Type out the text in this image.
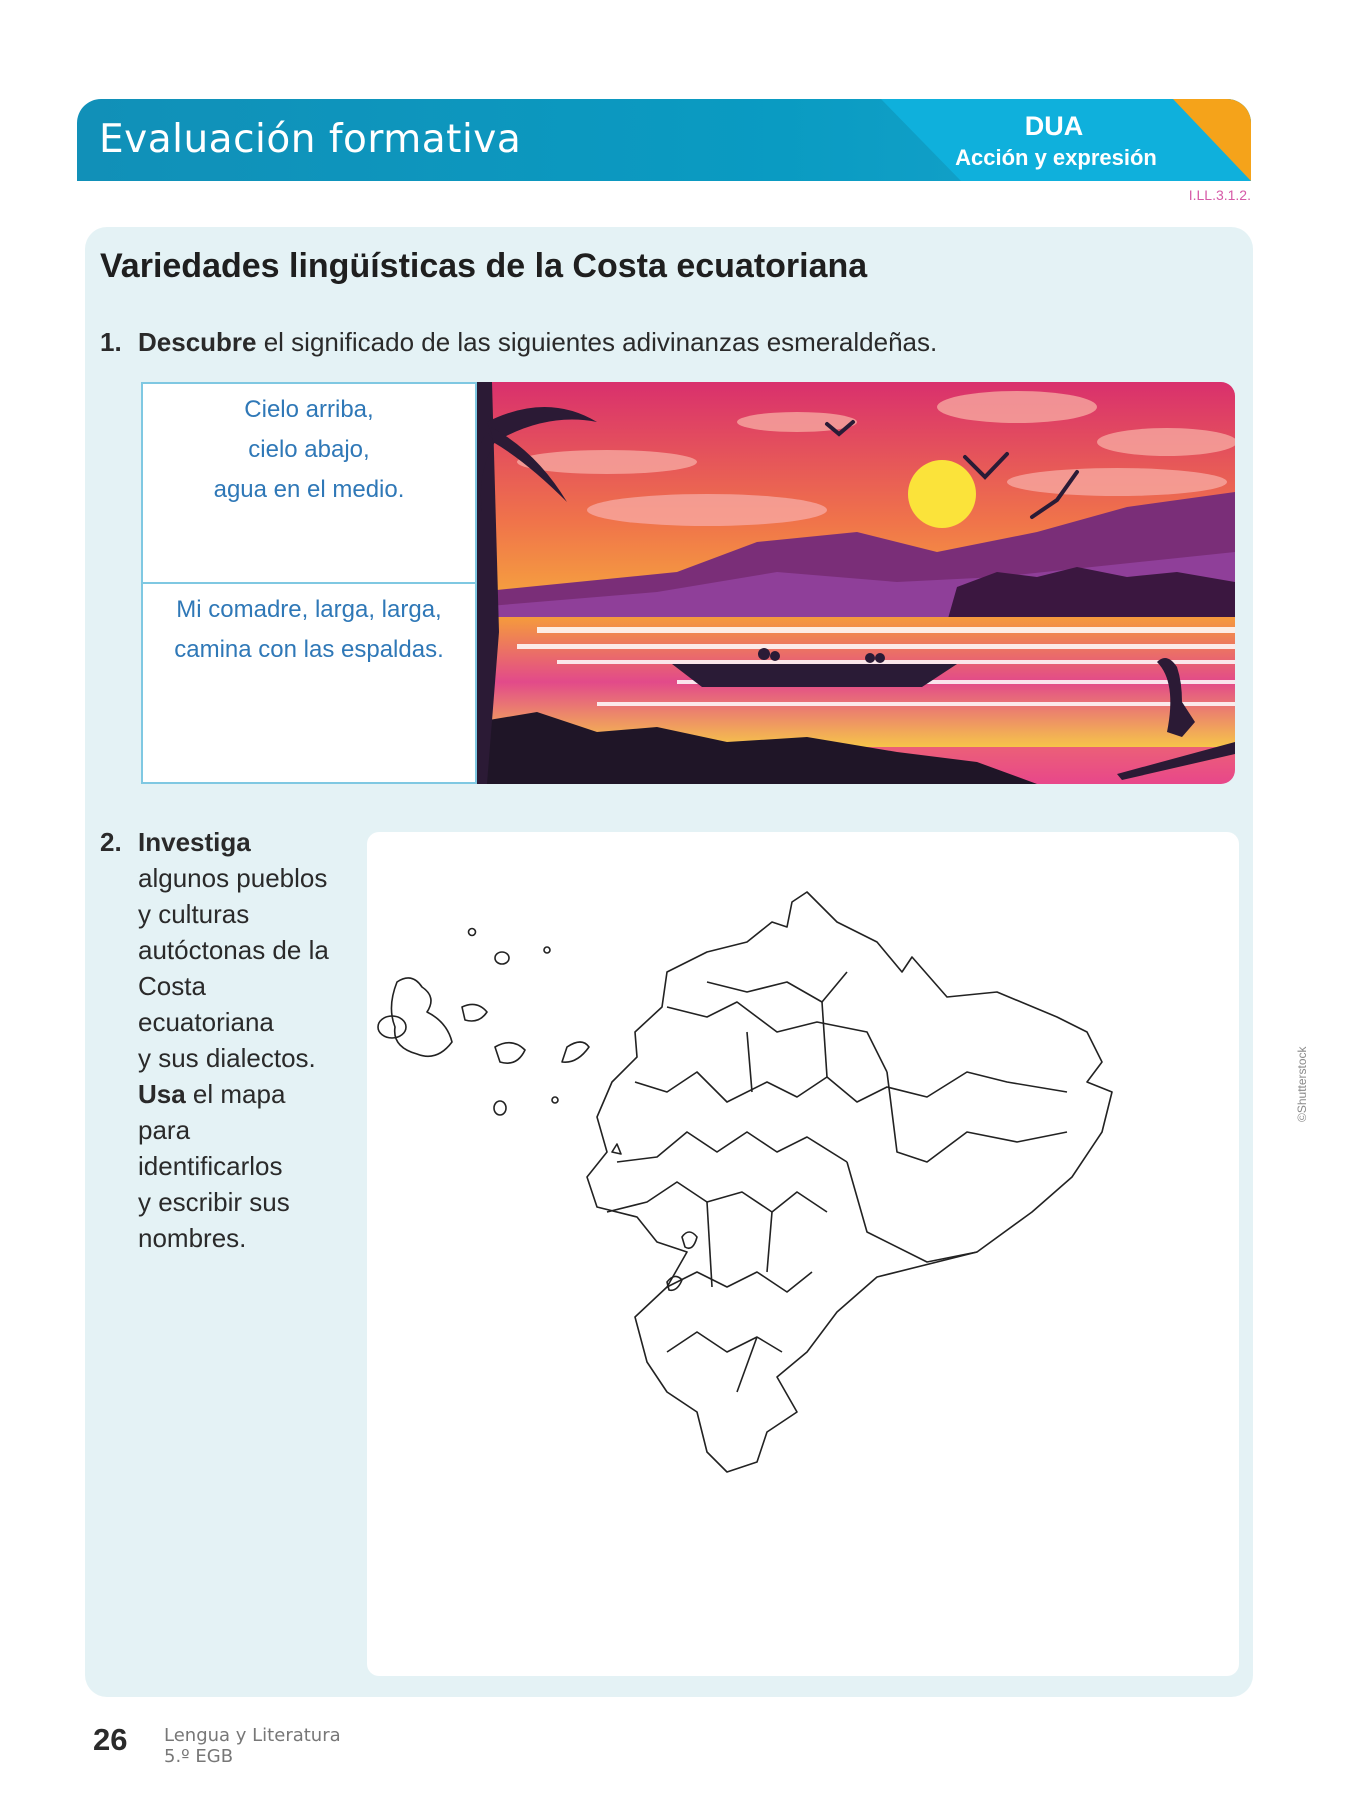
Evaluación formativa	DUA
Acción y expresión
I.LL.3.1.2.
Variedades lingüísticas de la Costa ecuatoriana
1. Descubre el significado de las siguientes adivinanzas esmeraldeñas.
Cielo arriba,
cielo abajo,
agua en el medio.
Mi comadre, larga, larga,
camina con las espaldas.
2. Investiga
algunos pueblos
y culturas
autóctonas de la
Costa ecuatoriana
y sus dialectos.
Usa el mapa para
identificarlos
y escribir sus
nombres.
©Shutterstock
26 Lengua y Literatura
5.º EGB
